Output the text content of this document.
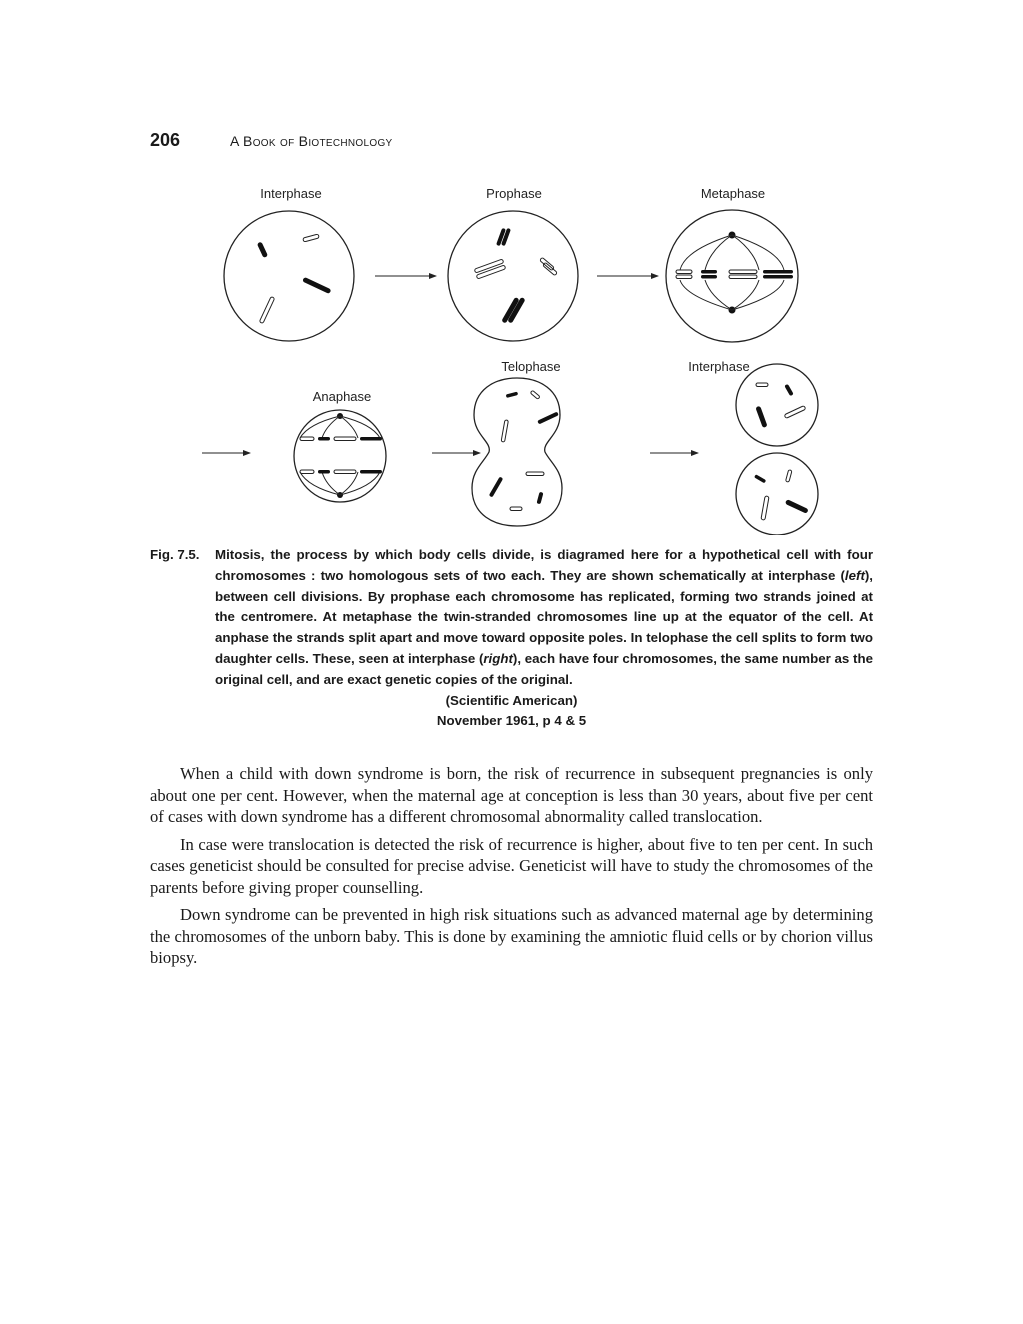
206	A Book of Biotechnology
Interphase	Prophase	Metaphase
Anaphase
Telophase	Interphase
Fig. 7.5.	Mitosis, the process by which body cells divide, is diagramed here for a hypothetical cell with four chromosomes : two homologous sets of two each. They are shown schematically at interphase (left), between cell divisions. By prophase each chromosome has replicated, forming two strands joined at the centromere. At metaphase the twin-stranded chromosomes line up at the equator of the cell. At anphase the strands split apart and move toward opposite poles. In telophase the cell splits to form two daughter cells. These, seen at interphase (right), each have four chromosomes, the same number as the original cell, and are exact genetic copies of the original.
(Scientific American)
November 1961, p 4 & 5

When a child with down syndrome is born, the risk of recurrence in subsequent pregnancies is only about one per cent. However, when the maternal age at conception is less than 30 years, about five per cent of cases with down syndrome has a different chromosomal abnormality called translocation.

In case were translocation is detected the risk of recurrence is higher, about five to ten per cent. In such cases geneticist should be consulted for precise advise. Geneticist will have to study the chromosomes of the parents before giving proper counselling.

Down syndrome can be prevented in high risk situations such as advanced maternal age by determining the chromosomes of the unborn baby. This is done by examining the amniotic fluid cells or by chorion villus biopsy.
